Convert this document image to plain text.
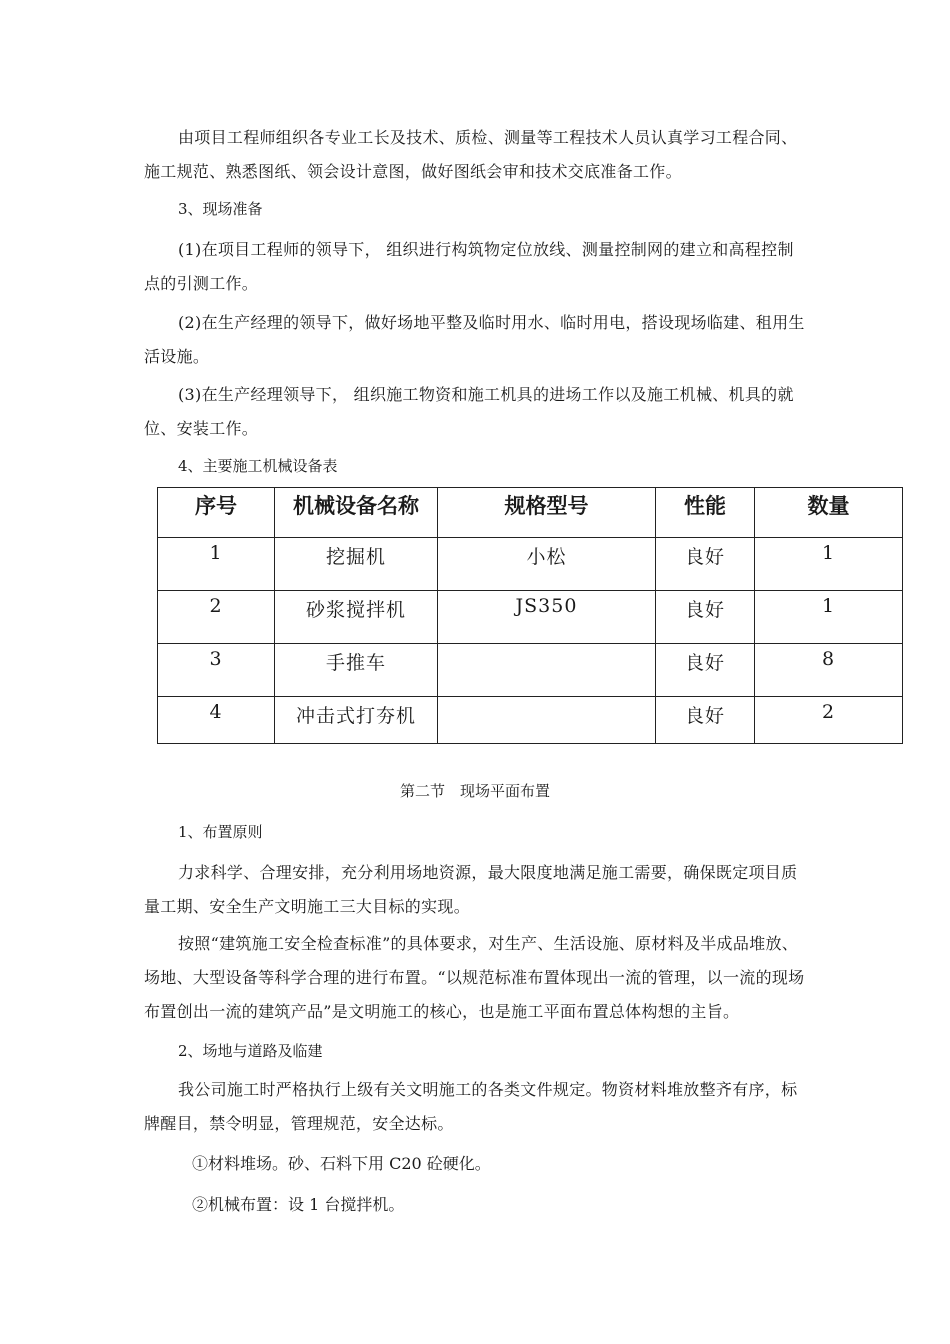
由项目工程师组织各专业工长及技术、质检、测量等工程技术人员认真学习工程合同、施工规范、熟悉图纸、领会设计意图，做好图纸会审和技术交底准备工作。

3、现场准备

(1)在项目工程师的领导下， 组织进行构筑物定位放线、测量控制网的建立和高程控制点的引测工作。

(2)在生产经理的领导下，做好场地平整及临时用水、临时用电，搭设现场临建、租用生活设施。

(3)在生产经理领导下， 组织施工物资和施工机具的进场工作以及施工机械、机具的就位、安装工作。

4、主要施工机械设备表

序号	机械设备名称	规格型号	性能	数量
1	挖掘机	小松	良好	1
2	砂浆搅拌机	JS350	良好	1
3	手推车		良好	8
4	冲击式打夯机		良好	2

第二节　现场平面布置

1、布置原则

力求科学、合理安排，充分利用场地资源，最大限度地满足施工需要，确保既定项目质量工期、安全生产文明施工三大目标的实现。

按照“建筑施工安全检查标准”的具体要求，对生产、生活设施、原材料及半成品堆放、场地、大型设备等科学合理的进行布置。“以规范标准布置体现出一流的管理，以一流的现场布置创出一流的建筑产品”是文明施工的核心，也是施工平面布置总体构想的主旨。

2、场地与道路及临建

我公司施工时严格执行上级有关文明施工的各类文件规定。物资材料堆放整齐有序，标牌醒目，禁令明显，管理规范，安全达标。

①材料堆场。砂、石料下用 C20 砼硬化。

②机械布置：设 1 台搅拌机。
